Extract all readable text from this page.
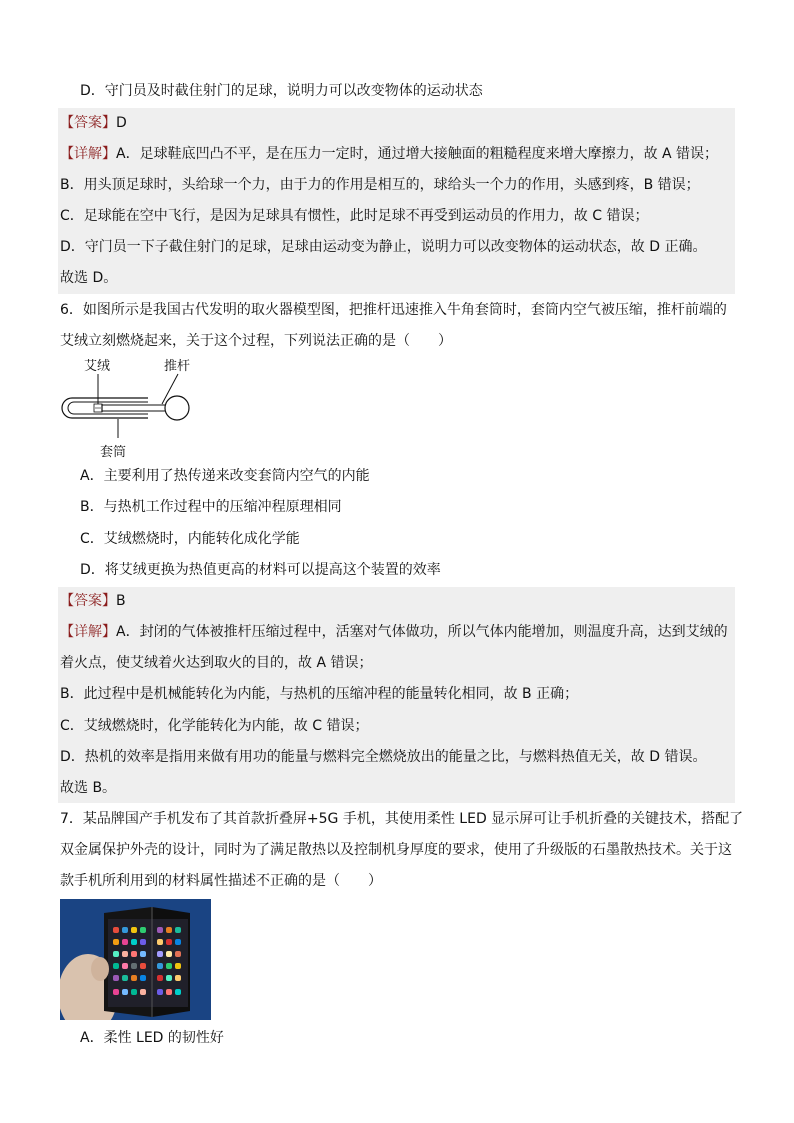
D．守门员及时截住射门的足球，说明力可以改变物体的运动状态
【答案】D
【详解】A．足球鞋底凹凸不平，是在压力一定时，通过增大接触面的粗糙程度来增大摩擦力，故 A 错误；
B．用头顶足球时，头给球一个力，由于力的作用是相互的，球给头一个力的作用，头感到疼，B 错误；
C．足球能在空中飞行，是因为足球具有惯性，此时足球不再受到运动员的作用力，故 C 错误；
D．守门员一下子截住射门的足球，足球由运动变为静止，说明力可以改变物体的运动状态，故 D 正确。
故选 D。
6．如图所示是我国古代发明的取火器模型图，把推杆迅速推入牛角套筒时，套筒内空气被压缩，推杆前端的
艾绒立刻燃烧起来，关于这个过程，下列说法正确的是（　　）
艾绒	推杆
套筒
A．主要利用了热传递来改变套筒内空气的内能
B．与热机工作过程中的压缩冲程原理相同
C．艾绒燃烧时，内能转化成化学能
D．将艾绒更换为热值更高的材料可以提高这个装置的效率
【答案】B
【详解】A．封闭的气体被推杆压缩过程中，活塞对气体做功，所以气体内能增加，则温度升高，达到艾绒的
着火点，使艾绒着火达到取火的目的，故 A 错误；
B．此过程中是机械能转化为内能，与热机的压缩冲程的能量转化相同，故 B 正确；
C．艾绒燃烧时，化学能转化为内能，故 C 错误；
D．热机的效率是指用来做有用功的能量与燃料完全燃烧放出的能量之比，与燃料热值无关，故 D 错误。
故选 B。
7．某品牌国产手机发布了其首款折叠屏+5G 手机，其使用柔性 LED 显示屏可让手机折叠的关键技术，搭配了
双金属保护外壳的设计，同时为了满足散热以及控制机身厚度的要求，使用了升级版的石墨散热技术。关于这
款手机所利用到的材料属性描述不正确的是（　　）
A．柔性 LED 的韧性好
